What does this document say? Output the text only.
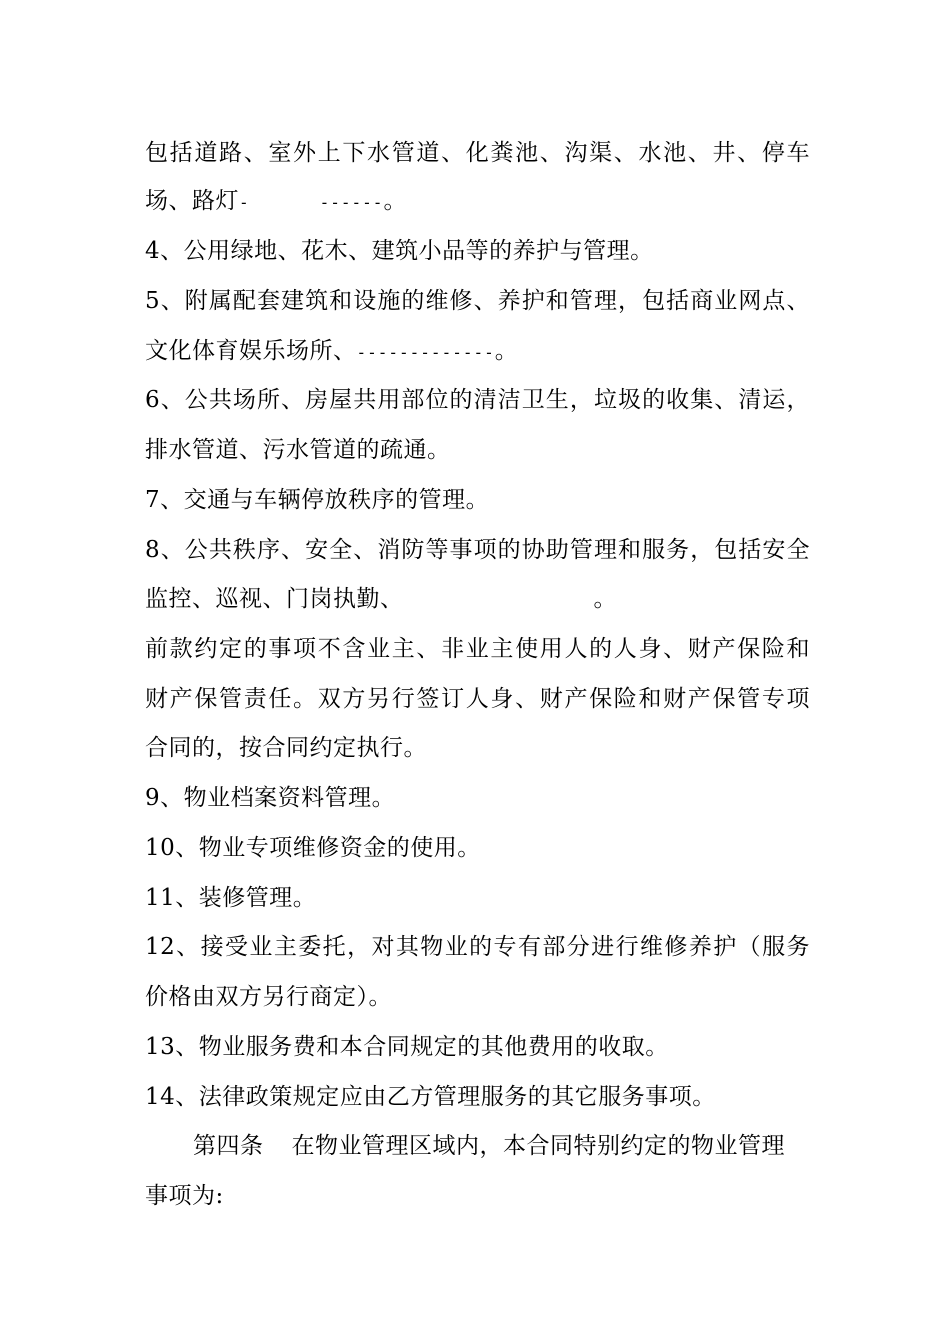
包括道路、室外上下水管道、化粪池、沟渠、水池、井、停车
场、路灯-	------。
4、公用绿地、花木、建筑小品等的养护与管理。
5、附属配套建筑和设施的维修、养护和管理，包括商业网点、
文化体育娱乐场所、-------------。
6、公共场所、房屋共用部位的清洁卫生，垃圾的收集、清运，
排水管道、污水管道的疏通。
7、交通与车辆停放秩序的管理。
8、公共秩序、安全、消防等事项的协助管理和服务，包括安全
监控、巡视、门岗执勤、	。
前款约定的事项不含业主、非业主使用人的人身、财产保险和
财产保管责任。双方另行签订人身、财产保险和财产保管专项
合同的，按合同约定执行。
9、物业档案资料管理。
10、物业专项维修资金的使用。
11、装修管理。
12、接受业主委托，对其物业的专有部分进行维修养护（服务
价格由双方另行商定）。
13、物业服务费和本合同规定的其他费用的收取。
14、法律政策规定应由乙方管理服务的其它服务事项。
第四条 在物业管理区域内，本合同特别约定的物业管理
事项为:
